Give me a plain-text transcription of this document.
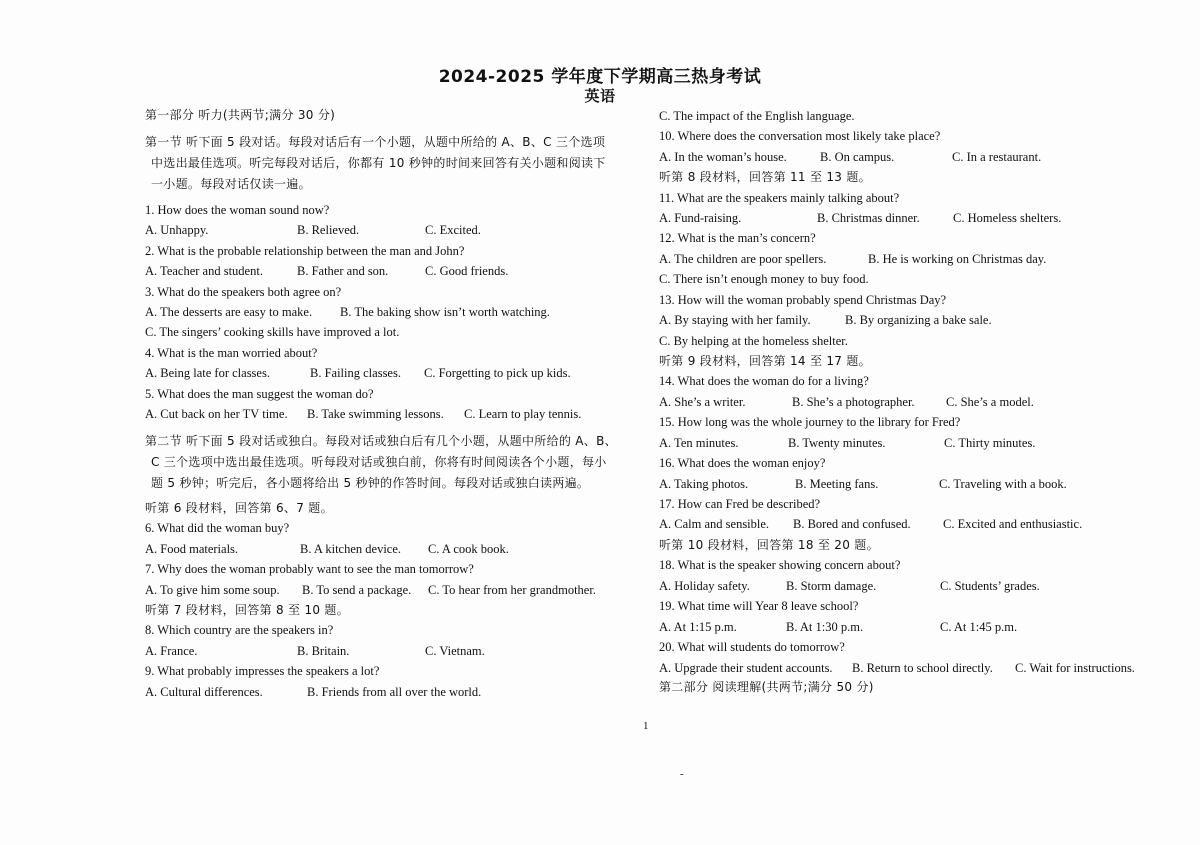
2024-2025 学年度下学期高三热身考试
英语
第一部分 听力(共两节;满分 30 分)
第一节 听下面 5 段对话。每段对话后有一个小题，从题中所给的 A、B、C 三个选项
中选出最佳选项。听完每段对话后，你都有 10 秒钟的时间来回答有关小题和阅读下
一小题。每段对话仅读一遍。
1. How does the woman sound now?
A. Unhappy.	B. Relieved.	C. Excited.
2. What is the probable relationship between the man and John?
A. Teacher and student.	B. Father and son.	C. Good friends.
3. What do the speakers both agree on?
A. The desserts are easy to make. B. The baking show isn’t worth watching.
C. The singers’ cooking skills have improved a lot.
4. What is the man worried about?
A. Being late for classes.	B. Failing classes. C. Forgetting to pick up kids.
5. What does the man suggest the woman do?
A. Cut back on her TV time. B. Take swimming lessons. C. Learn to play tennis.
第二节 听下面 5 段对话或独白。每段对话或独白后有几个小题，从题中所给的 A、B、
C 三个选项中选出最佳选项。听每段对话或独白前，你将有时间阅读各个小题，每小
题 5 秒钟；听完后，各小题将给出 5 秒钟的作答时间。每段对话或独白读两遍。
听第 6 段材料，回答第 6、7 题。
6. What did the woman buy?
A. Food materials.	B. A kitchen device. C. A cook book.
7. Why does the woman probably want to see the man tomorrow?
A. To give him some soup. B. To send a package. C. To hear from her grandmother.
听第 7 段材料，回答第 8 至 10 题。
8. Which country are the speakers in?
A. France.	B. Britain.	C. Vietnam.
9. What probably impresses the speakers a lot?
A. Cultural differences.	B. Friends from all over the world.
C. The impact of the English language.
10. Where does the conversation most likely take place?
A. In the woman’s house.	B. On campus.	C. In a restaurant.
听第 8 段材料，回答第 11 至 13 题。
11. What are the speakers mainly talking about?
A. Fund-raising.	B. Christmas dinner.	C. Homeless shelters.
12. What is the man’s concern?
A. The children are poor spellers.	B. He is working on Christmas day.
C. There isn’t enough money to buy food.
13. How will the woman probably spend Christmas Day?
A. By staying with her family.	B. By organizing a bake sale.
C. By helping at the homeless shelter.
听第 9 段材料，回答第 14 至 17 题。
14. What does the woman do for a living?
A. She’s a writer.	B. She’s a photographer.	C. She’s a model.
15. How long was the whole journey to the library for Fred?
A. Ten minutes.	B. Twenty minutes.	C. Thirty minutes.
16. What does the woman enjoy?
A. Taking photos.	B. Meeting fans.	C. Traveling with a book.
17. How can Fred be described?
A. Calm and sensible. B. Bored and confused.	C. Excited and enthusiastic.
听第 10 段材料，回答第 18 至 20 题。
18. What is the speaker showing concern about?
A. Holiday safety.	B. Storm damage.	C. Students’ grades.
19. What time will Year 8 leave school?
A. At 1:15 p.m.	B. At 1:30 p.m.	C. At 1:45 p.m.
20. What will students do tomorrow?
A. Upgrade their student accounts. B. Return to school directly. C. Wait for instructions.
第二部分 阅读理解(共两节;满分 50 分)
1
-
